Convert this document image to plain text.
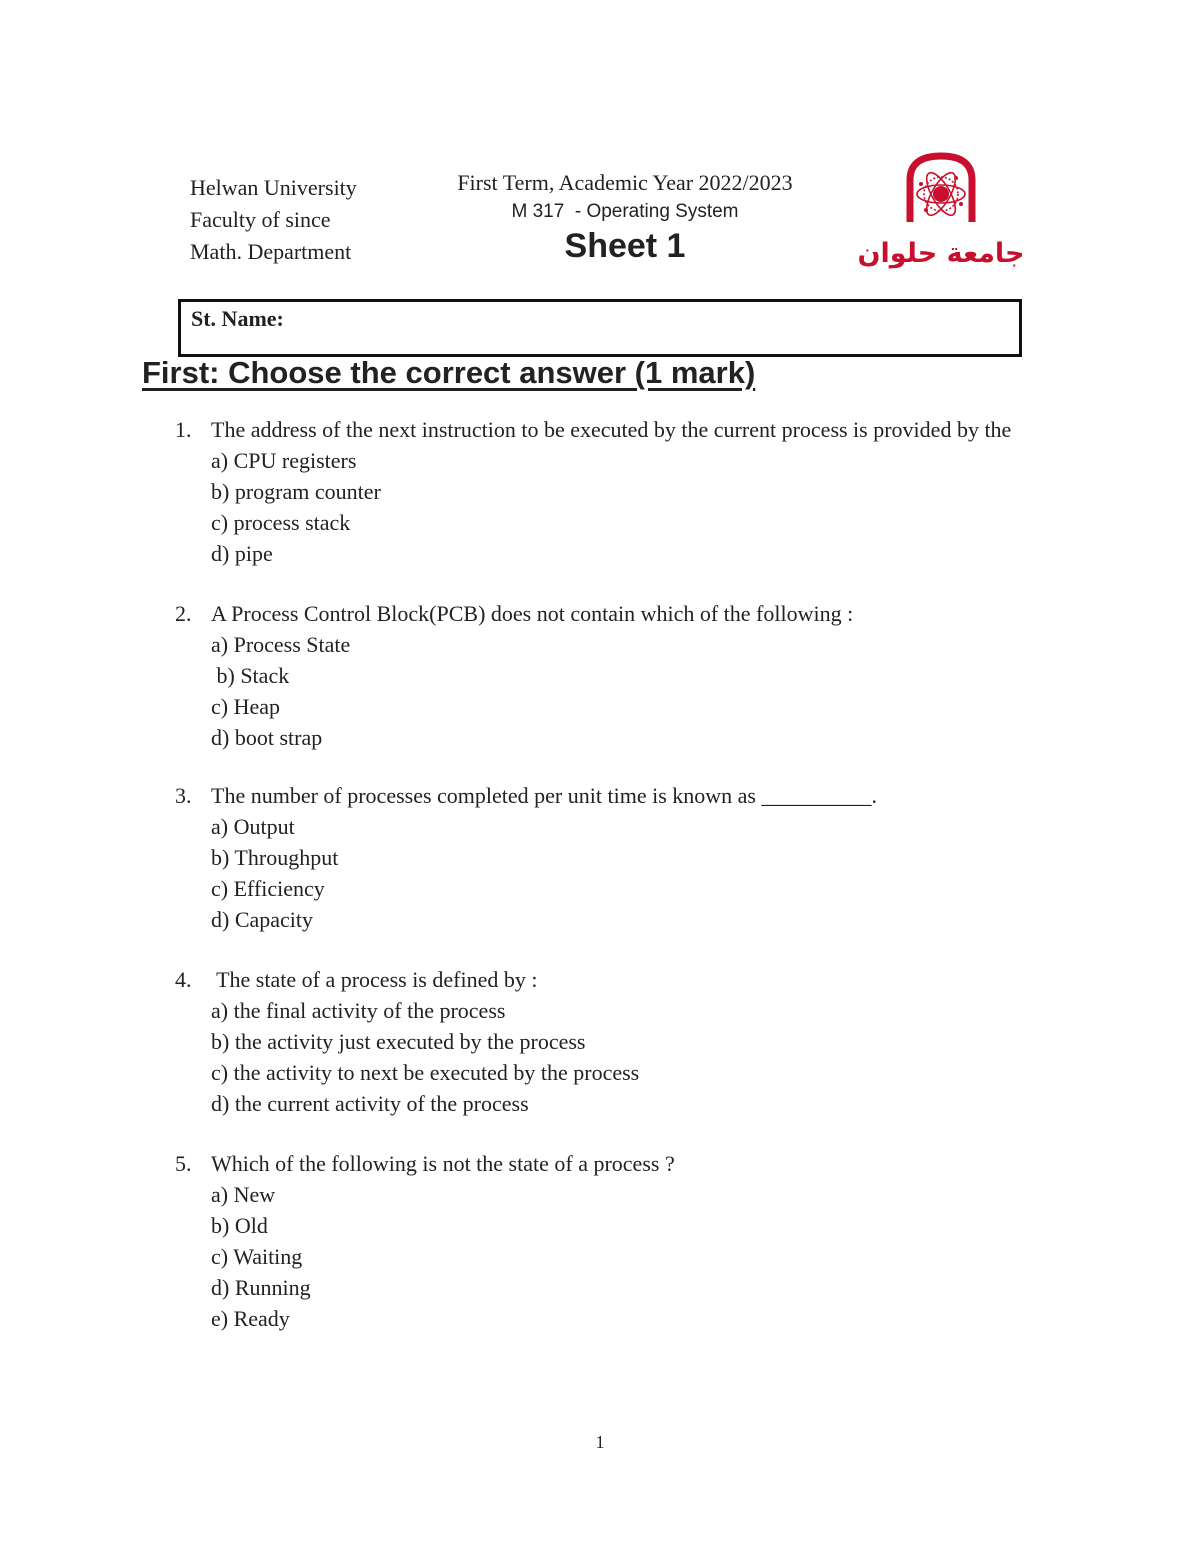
Helwan University
Faculty of since
Math. Department
First Term, Academic Year 2022/2023
M 317  - Operating System
Sheet 1	جامعة حلوان
St. Name:
First: Choose the correct answer (1 mark)
1. The address of the next instruction to be executed by the current process is provided by the
a) CPU registers
b) program counter
c) process stack
d) pipe
2. A Process Control Block(PCB) does not contain which of the following :
a) Process State
b) Stack
c) Heap
d) boot strap
3. The number of processes completed per unit time is known as __________.
a) Output
b) Throughput
c) Efficiency
d) Capacity
4. The state of a process is defined by :
a) the final activity of the process
b) the activity just executed by the process
c) the activity to next be executed by the process
d) the current activity of the process
5. Which of the following is not the state of a process ?
a) New
b) Old
c) Waiting
d) Running
e) Ready
1
